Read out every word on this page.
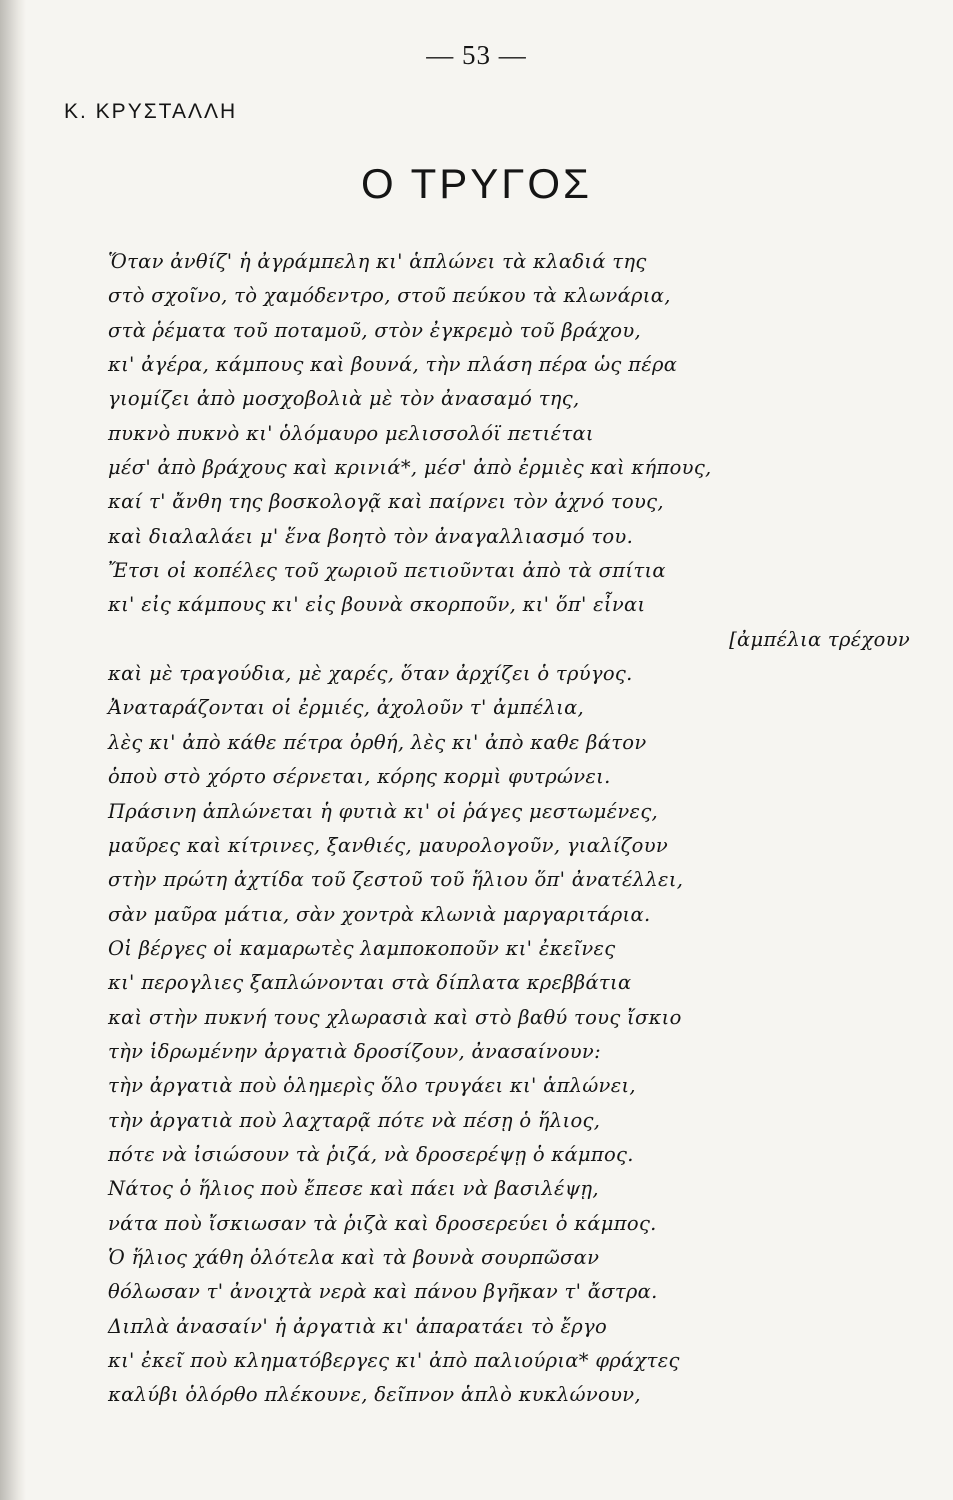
— 53 —
Κ. ΚΡΥΣΤΑΛΛΗ
Ο ΤΡΥΓΟΣ
Ὅταν ἀνθίζ' ἡ ἀγράμπελη κι' ἁπλώνει τὰ κλαδιά της
στὸ σχοῖνο, τὸ χαμόδεντρο, στοῦ πεύκου τὰ κλωνάρια,
στὰ ῥέματα τοῦ ποταμοῦ, στὸν ἐγκρεμὸ τοῦ βράχου,
κι' ἀγέρα, κάμπους καὶ βουνά, τὴν πλάση πέρα ὡς πέρα
γιομίζει ἀπὸ μοσχοβολιὰ μὲ τὸν ἀνασαμό της,
πυκνὸ πυκνὸ κι' ὁλόμαυρο μελισσολόϊ πετιέται
μέσ' ἀπὸ βράχους καὶ κρινιά*, μέσ' ἀπὸ ἐρμιὲς καὶ κήπους,
καί τ' ἄνθη της βοσκολογᾷ καὶ παίρνει τὸν ἀχνό τους,
καὶ διαλαλάει μ' ἕνα βοητὸ τὸν ἀναγαλλιασμό του.
Ἔτσι οἱ κοπέλες τοῦ χωριοῦ πετιοῦνται ἀπὸ τὰ σπίτια
κι' εἰς κάμπους κι' εἰς βουνὰ σκορποῦν, κι' ὅπ' εἶναι
[ἀμπέλια τρέχουν
καὶ μὲ τραγούδια, μὲ χαρές, ὅταν ἀρχίζει ὁ τρύγος.
Ἀναταράζονται οἱ ἐρμιές, ἀχολοῦν τ' ἀμπέλια,
λὲς κι' ἀπὸ κάθε πέτρα ὀρθή, λὲς κι' ἀπὸ καθε βάτον
ὁποὺ στὸ χόρτο σέρνεται, κόρης κορμὶ φυτρώνει.
Πράσινη ἁπλώνεται ἡ φυτιὰ κι' οἱ ῥάγες μεστωμένες,
μαῦρες καὶ κίτρινες, ξανθιές, μαυρολογοῦν, γιαλίζουν
στὴν πρώτη ἀχτίδα τοῦ ζεστοῦ τοῦ ἥλιου ὅπ' ἀνατέλλει,
σὰν μαῦρα μάτια, σὰν χοντρὰ κλωνιὰ μαργαριτάρια.
Οἱ βέργες οἱ καμαρωτὲς λαμποκοποῦν κι' ἐκεῖνες
κι' περογλιες ξαπλώνονται στὰ δίπλατα κρεββάτια
καὶ στὴν πυκνή τους χλωρασιὰ καὶ στὸ βαθύ τους ἴσκιο
τὴν ἱδρωμένην ἀργατιὰ δροσίζουν, ἀνασαίνουν:
τὴν ἀργατιὰ ποὺ ὁλημερὶς ὅλο τρυγάει κι' ἁπλώνει,
τὴν ἀργατιὰ ποὺ λαχταρᾷ πότε νὰ πέσῃ ὁ ἥλιος,
πότε νὰ ἰσιώσουν τὰ ῥιζά, νὰ δροσερέψῃ ὁ κάμπος.
Νάτος ὁ ἥλιος ποὺ ἔπεσε καὶ πάει νὰ βασιλέψῃ,
νάτα ποὺ ἴσκιωσαν τὰ ῥιζὰ καὶ δροσερεύει ὁ κάμπος.
Ὁ ἥλιος χάθη ὁλότελα καὶ τὰ βουνὰ σουρπῶσαν
θόλωσαν τ' ἀνοιχτὰ νερὰ καὶ πάνου βγῆκαν τ' ἄστρα.
Διπλὰ ἀνασαίν' ἡ ἀργατιὰ κι' ἀπαρατάει τὸ ἔργο
κι' ἐκεῖ ποὺ κληματόβεργες κι' ἀπὸ παλιούρια* φράχτες
καλύβι ὁλόρθο πλέκουνε, δεῖπνον ἁπλὸ κυκλώνουν,
